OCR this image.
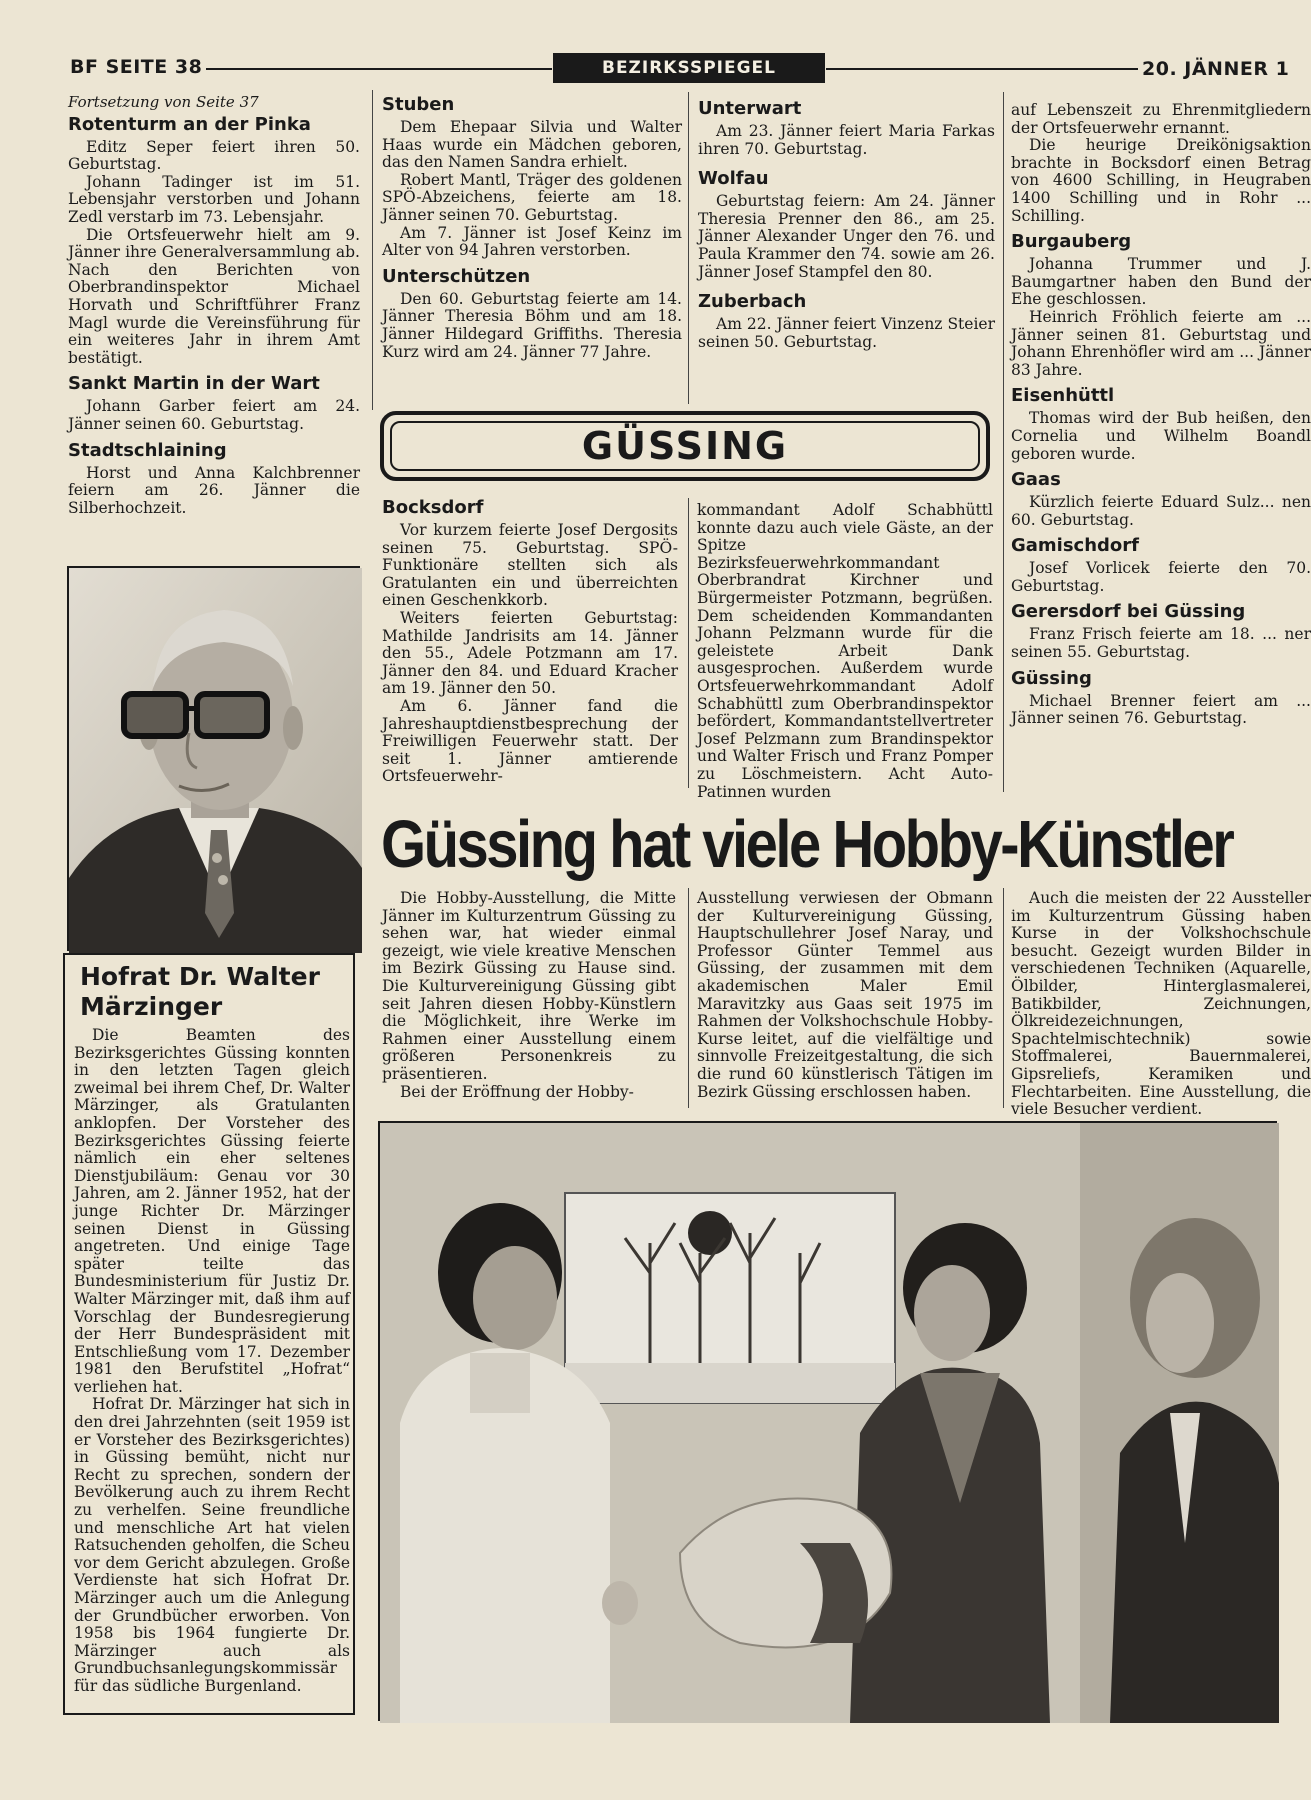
BF SEITE 38	BEZIRKSSPIEGEL	20. JÄNNER 1

Fortsetzung von Seite 37

Rotenturm an der Pinka

Editz Seper feiert ihren 50. Geburtstag.

Johann Tadinger ist im 51. Lebensjahr verstorben und Johann Zedl verstarb im 73. Lebensjahr.

Die Ortsfeuerwehr hielt am 9. Jänner ihre Generalversammlung ab. Nach den Berichten von Oberbrandinspektor Michael Horvath und Schriftführer Franz Magl wurde die Vereinsführung für ein weiteres Jahr in ihrem Amt bestätigt.

Sankt Martin in der Wart

Johann Garber feiert am 24. Jänner seinen 60. Geburtstag.

Stadtschlaining

Horst und Anna Kalchbrenner feiern am 26. Jänner die Silberhochzeit.

Stuben

Dem Ehepaar Silvia und Walter Haas wurde ein Mädchen geboren, das den Namen Sandra erhielt.

Robert Mantl, Träger des goldenen SPÖ-Abzeichens, feierte am 18. Jänner seinen 70. Geburtstag.

Am 7. Jänner ist Josef Keinz im Alter von 94 Jahren verstorben.

Unterschützen

Den 60. Geburtstag feierte am 14. Jänner Theresia Böhm und am 18. Jänner Hildegard Griffiths. Theresia Kurz wird am 24. Jänner 77 Jahre.

Unterwart

Am 23. Jänner feiert Maria Farkas ihren 70. Geburtstag.

Wolfau

Geburtstag feiern: Am 24. Jänner Theresia Prenner den 86., am 25. Jänner Alexander Unger den 76. und Paula Krammer den 74. sowie am 26. Jänner Josef Stampfel den 80.

Zuberbach

Am 22. Jänner feiert Vinzenz Steier seinen 50. Geburtstag.

auf Lebenszeit zu Ehrenmitgliedern der Ortsfeuerwehr ernannt.

Die heurige Dreikönigsaktion brachte in Bocksdorf einen Betrag von 4600 Schilling, in Heugraben 1400 Schilling und in Rohr ... Schilling.

Burgauberg

Johanna Trummer und J. Baumgartner haben den Bund der Ehe geschlossen.

Heinrich Fröhlich feierte am ... Jänner seinen 81. Geburtstag und Johann Ehrenhöfler wird am ... Jänner 83 Jahre.

Eisenhüttl

Thomas wird der Bub heißen, den Cornelia und Wilhelm Boandl geboren wurde.

Gaas

Kürzlich feierte Eduard Sulz... nen 60. Geburtstag.

Gamischdorf

Josef Vorlicek feierte den 70. Geburtstag.

Gerersdorf bei Güssing

Franz Frisch feierte am 18. ... ner seinen 55. Geburtstag.

Güssing

Michael Brenner feiert am ... Jänner seinen 76. Geburtstag.

GÜSSING
Bocksdorf

Vor kurzem feierte Josef Dergosits seinen 75. Geburtstag. SPÖ-Funktionäre stellten sich als Gratulanten ein und überreichten einen Geschenkkorb.

Weiters feierten Geburtstag: Mathilde Jandrisits am 14. Jänner den 55., Adele Potzmann am 17. Jänner den 84. und Eduard Kracher am 19. Jänner den 50.

Am 6. Jänner fand die Jahreshauptdienstbesprechung der Freiwilligen Feuerwehr statt. Der seit 1. Jänner amtierende Ortsfeuerwehr-

kommandant Adolf Schabhüttl konnte dazu auch viele Gäste, an der Spitze Bezirksfeuerwehrkommandant Oberbrandrat Kirchner und Bürgermeister Potzmann, begrüßen. Dem scheidenden Kommandanten Johann Pelzmann wurde für die geleistete Arbeit Dank ausgesprochen. Außerdem wurde Ortsfeuerwehrkommandant Adolf Schabhüttl zum Oberbrandinspektor befördert, Kommandantstellvertreter Josef Pelzmann zum Brandinspektor und Walter Frisch und Franz Pomper zu Löschmeistern. Acht Auto-Patinnen wurden

Hofrat Dr. Walter Märzinger

Die Beamten des Bezirksgerichtes Güssing konnten in den letzten Tagen gleich zweimal bei ihrem Chef, Dr. Walter Märzinger, als Gratulanten anklopfen. Der Vorsteher des Bezirksgerichtes Güssing feierte nämlich ein eher seltenes Dienstjubiläum: Genau vor 30 Jahren, am 2. Jänner 1952, hat der junge Richter Dr. Märzinger seinen Dienst in Güssing angetreten. Und einige Tage später teilte das Bundesministerium für Justiz Dr. Walter Märzinger mit, daß ihm auf Vorschlag der Bundesregierung der Herr Bundespräsident mit Entschließung vom 17. Dezember 1981 den Berufstitel „Hofrat“ verliehen hat.

Hofrat Dr. Märzinger hat sich in den drei Jahrzehnten (seit 1959 ist er Vorsteher des Bezirksgerichtes) in Güssing bemüht, nicht nur Recht zu sprechen, sondern der Bevölkerung auch zu ihrem Recht zu verhelfen. Seine freundliche und menschliche Art hat vielen Ratsuchenden geholfen, die Scheu vor dem Gericht abzulegen. Große Verdienste hat sich Hofrat Dr. Märzinger auch um die Anlegung der Grundbücher erworben. Von 1958 bis 1964 fungierte Dr. Märzinger auch als Grundbuchsanlegungskommissär für das südliche Burgenland.

Güssing hat viele Hobby-Künstler

Die Hobby-Ausstellung, die Mitte Jänner im Kulturzentrum Güssing zu sehen war, hat wieder einmal gezeigt, wie viele kreative Menschen im Bezirk Güssing zu Hause sind. Die Kulturvereinigung Güssing gibt seit Jahren diesen Hobby-Künstlern die Möglichkeit, ihre Werke im Rahmen einer Ausstellung einem größeren Personenkreis zu präsentieren.

Bei der Eröffnung der Hobby-

Ausstellung verwiesen der Obmann der Kulturvereinigung Güssing, Hauptschullehrer Josef Naray, und Professor Günter Temmel aus Güssing, der zusammen mit dem akademischen Maler Emil Maravitzky aus Gaas seit 1975 im Rahmen der Volkshochschule Hobby-Kurse leitet, auf die vielfältige und sinnvolle Freizeitgestaltung, die sich die rund 60 künstlerisch Tätigen im Bezirk Güssing erschlossen haben.

Auch die meisten der 22 Aussteller im Kulturzentrum Güssing haben Kurse in der Volkshochschule besucht. Gezeigt wurden Bilder in verschiedenen Techniken (Aquarelle, Ölbilder, Hinterglasmalerei, Batikbilder, Zeichnungen, Ölkreidezeichnungen, Spachtelmischtechnik) sowie Stoffmalerei, Bauernmalerei, Gipsreliefs, Keramiken und Flechtarbeiten. Eine Ausstellung, die viele Besucher verdient.
